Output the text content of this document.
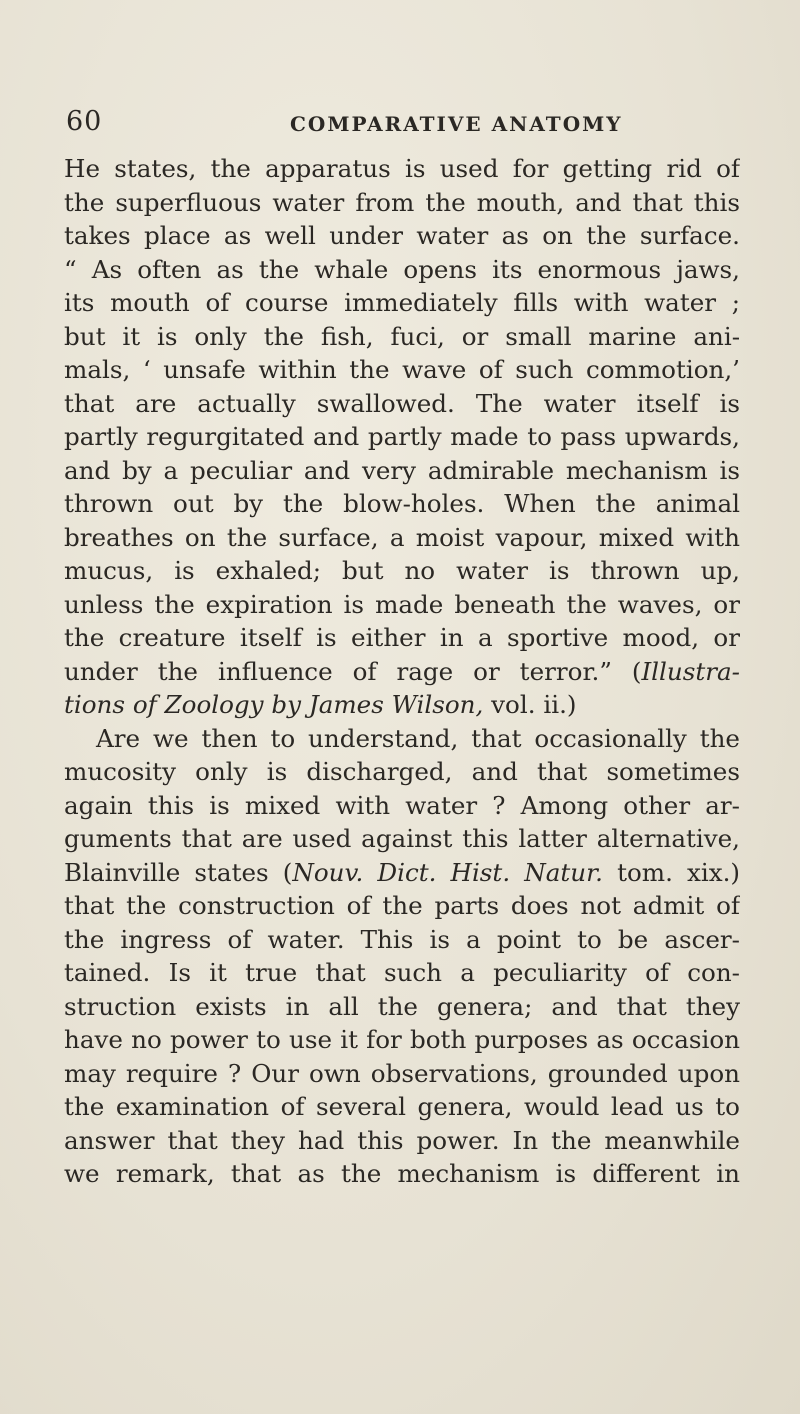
60	COMPARATIVE ANATOMY
He states, the apparatus is used for getting rid of
the superfluous water from the mouth, and that this
takes place as well under water as on the surface.
“ As often as the whale opens its enormous jaws,
its mouth of course immediately fills with water ;
but it is only the fish, fuci, or small marine ani-
mals, ‘ unsafe within the wave of such commotion,’
that are actually swallowed. The water itself is
partly regurgitated and partly made to pass upwards,
and by a peculiar and very admirable mechanism is
thrown out by the blow-holes. When the animal
breathes on the surface, a moist vapour, mixed with
mucus, is exhaled; but no water is thrown up,
unless the expiration is made beneath the waves, or
the creature itself is either in a sportive mood, or
under the influence of rage or terror.” (Illustra-
tions of Zoology by James Wilson, vol. ii.)
Are we then to understand, that occasionally the
mucosity only is discharged, and that sometimes
again this is mixed with water ? Among other ar-
guments that are used against this latter alternative,
Blainville states (Nouv. Dict. Hist. Natur. tom. xix.)
that the construction of the parts does not admit of
the ingress of water. This is a point to be ascer-
tained. Is it true that such a peculiarity of con-
struction exists in all the genera; and that they
have no power to use it for both purposes as occasion
may require ? Our own observations, grounded upon
the examination of several genera, would lead us to
answer that they had this power. In the meanwhile
we remark, that as the mechanism is different in
